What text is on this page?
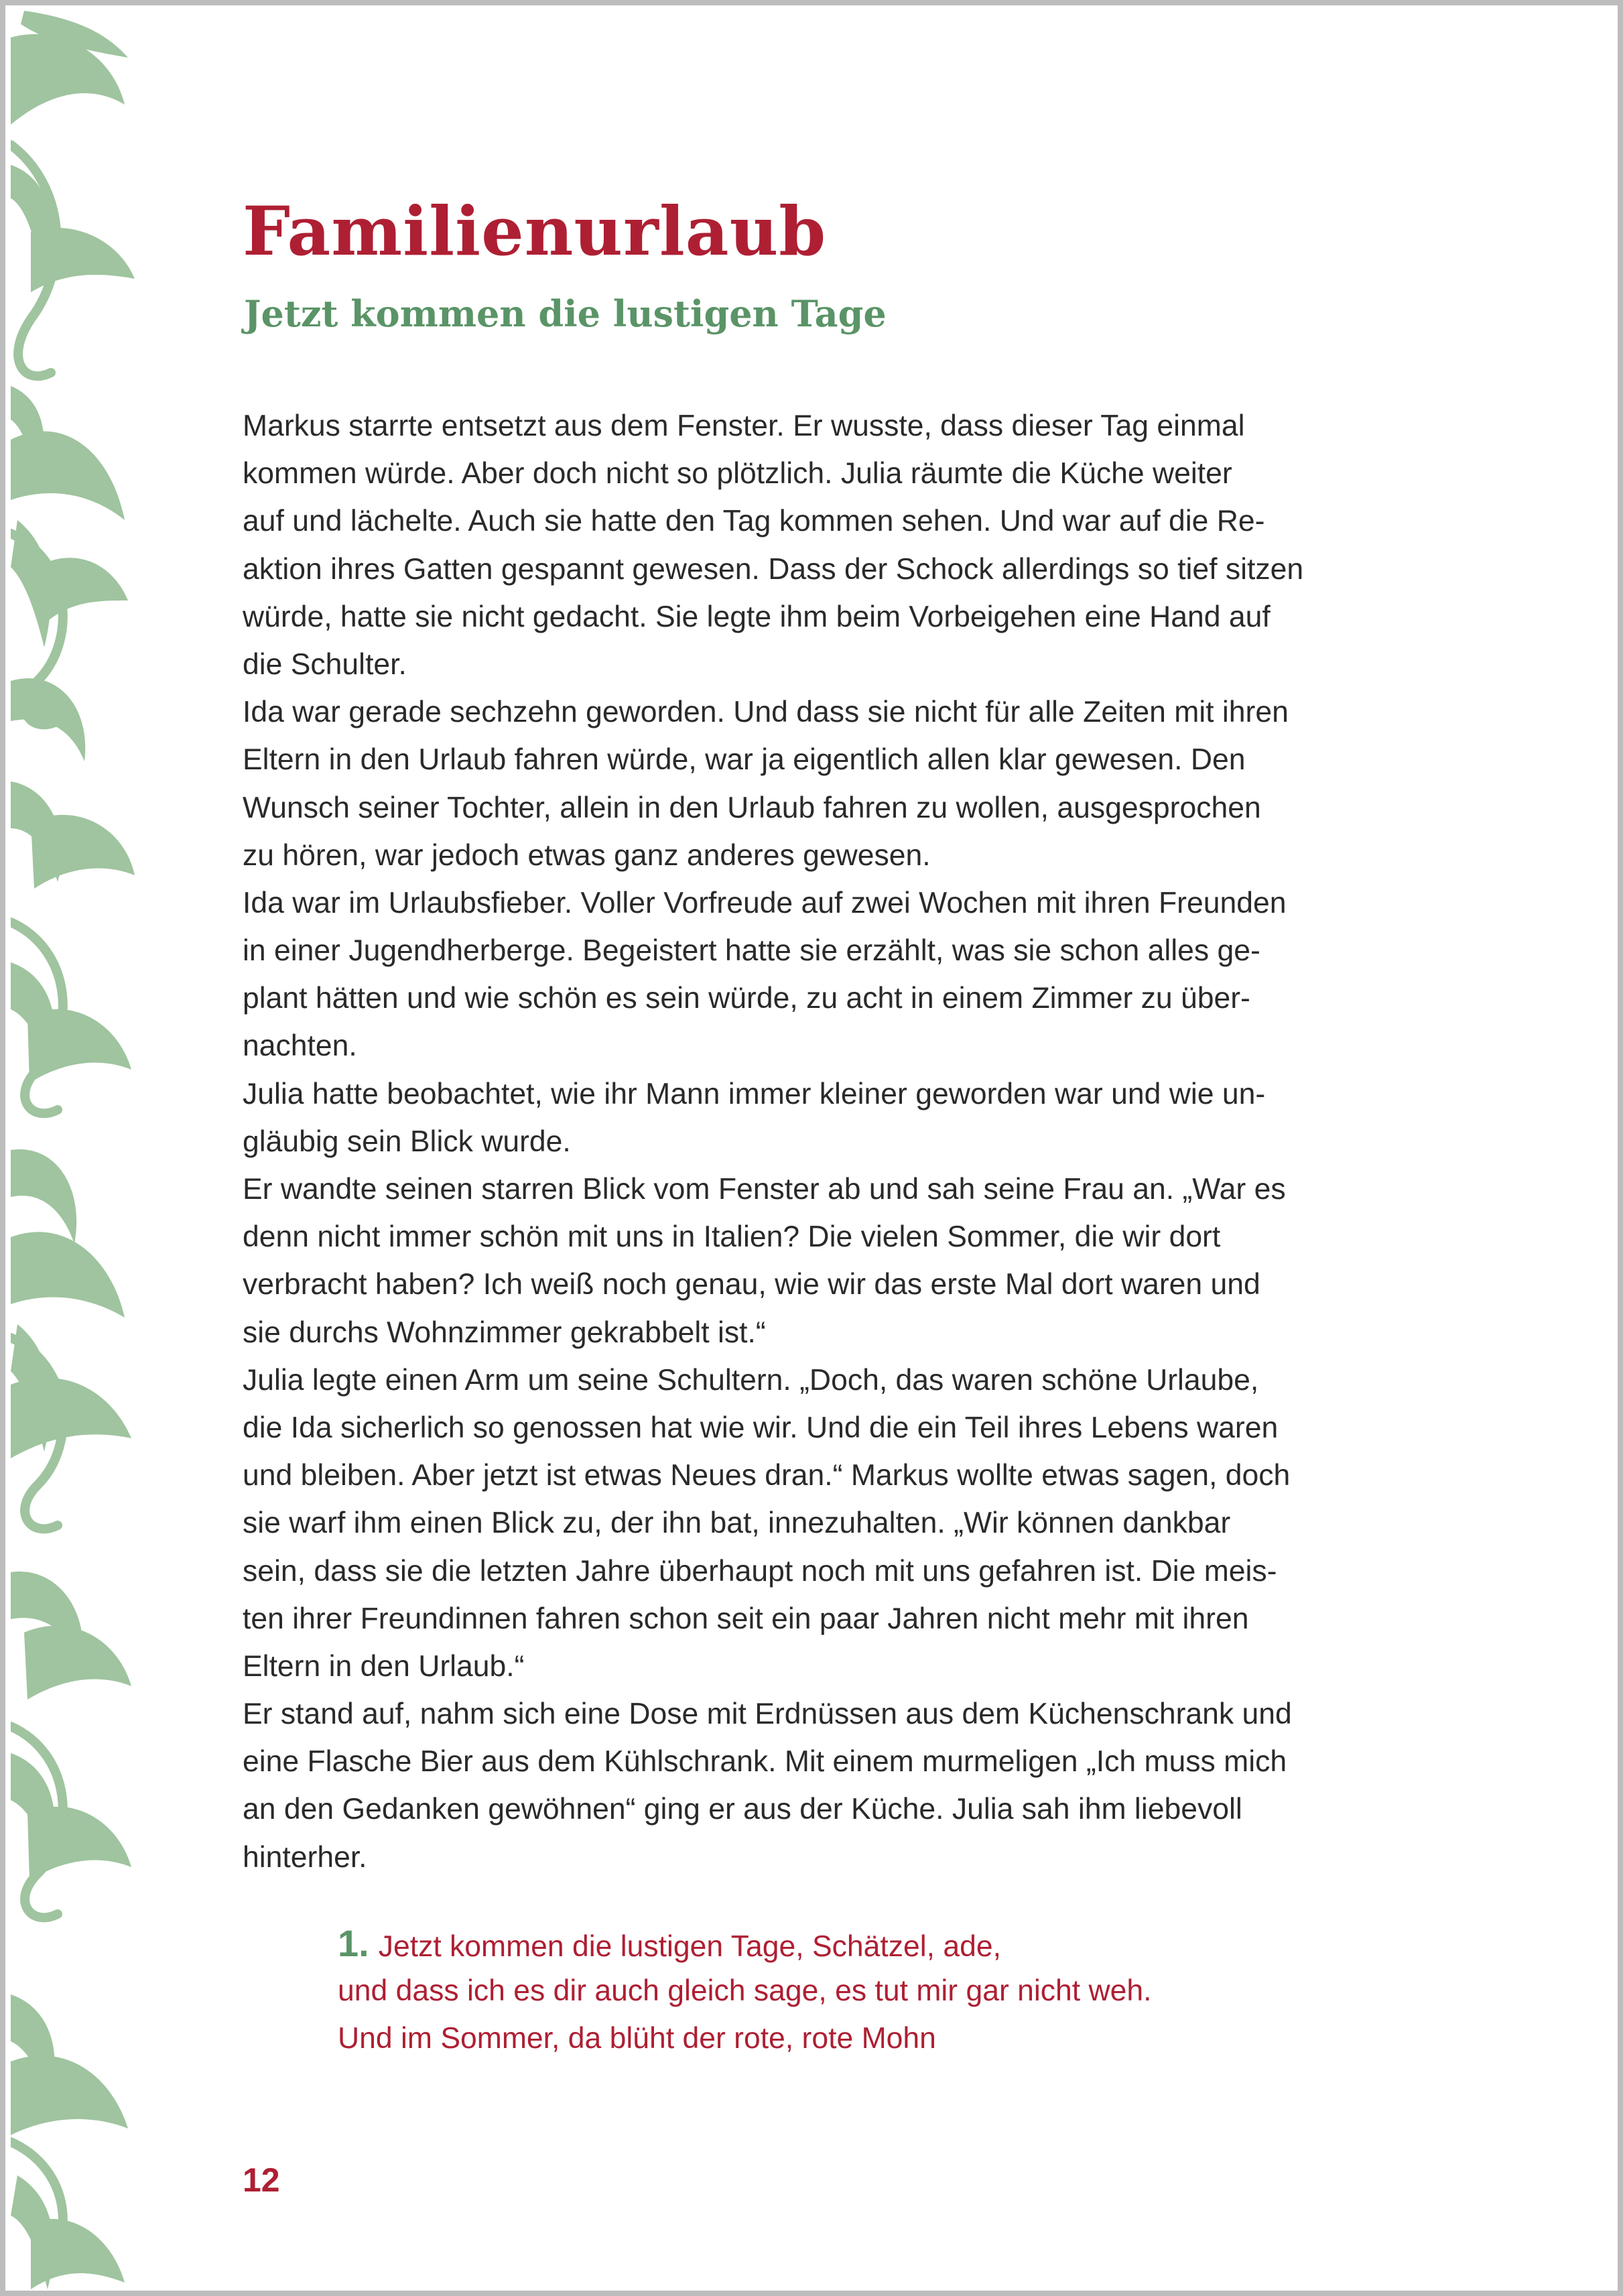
Familienurlaub
Jetzt kommen die lustigen Tage
Markus starrte entsetzt aus dem Fenster. Er wusste, dass dieser Tag einmal
kommen würde. Aber doch nicht so plötzlich. Julia räumte die Küche weiter
auf und lächelte. Auch sie hatte den Tag kommen sehen. Und war auf die Re-
aktion ihres Gatten gespannt gewesen. Dass der Schock allerdings so tief sitzen
würde, hatte sie nicht gedacht. Sie legte ihm beim Vorbeigehen eine Hand auf
die Schulter.
Ida war gerade sechzehn geworden. Und dass sie nicht für alle Zeiten mit ihren
Eltern in den Urlaub fahren würde, war ja eigentlich allen klar gewesen. Den
Wunsch seiner Tochter, allein in den Urlaub fahren zu wollen, ausgesprochen
zu hören, war jedoch etwas ganz anderes gewesen.
Ida war im Urlaubsfieber. Voller Vorfreude auf zwei Wochen mit ihren Freunden
in einer Jugendherberge. Begeistert hatte sie erzählt, was sie schon alles ge-
plant hätten und wie schön es sein würde, zu acht in einem Zimmer zu über-
nachten.
Julia hatte beobachtet, wie ihr Mann immer kleiner geworden war und wie un-
gläubig sein Blick wurde.
Er wandte seinen starren Blick vom Fenster ab und sah seine Frau an. „War es
denn nicht immer schön mit uns in Italien? Die vielen Sommer, die wir dort
verbracht haben? Ich weiß noch genau, wie wir das erste Mal dort waren und
sie durchs Wohnzimmer gekrabbelt ist.“
Julia legte einen Arm um seine Schultern. „Doch, das waren schöne Urlaube,
die Ida sicherlich so genossen hat wie wir. Und die ein Teil ihres Lebens waren
und bleiben. Aber jetzt ist etwas Neues dran.“ Markus wollte etwas sagen, doch
sie warf ihm einen Blick zu, der ihn bat, innezuhalten. „Wir können dankbar
sein, dass sie die letzten Jahre überhaupt noch mit uns gefahren ist. Die meis-
ten ihrer Freundinnen fahren schon seit ein paar Jahren nicht mehr mit ihren
Eltern in den Urlaub.“
Er stand auf, nahm sich eine Dose mit Erdnüssen aus dem Küchenschrank und
eine Flasche Bier aus dem Kühlschrank. Mit einem murmeligen „Ich muss mich
an den Gedanken gewöhnen“ ging er aus der Küche. Julia sah ihm liebevoll
hinterher.
1. Jetzt kommen die lustigen Tage, Schätzel, ade,
und dass ich es dir auch gleich sage, es tut mir gar nicht weh.
Und im Sommer, da blüht der rote, rote Mohn
12
